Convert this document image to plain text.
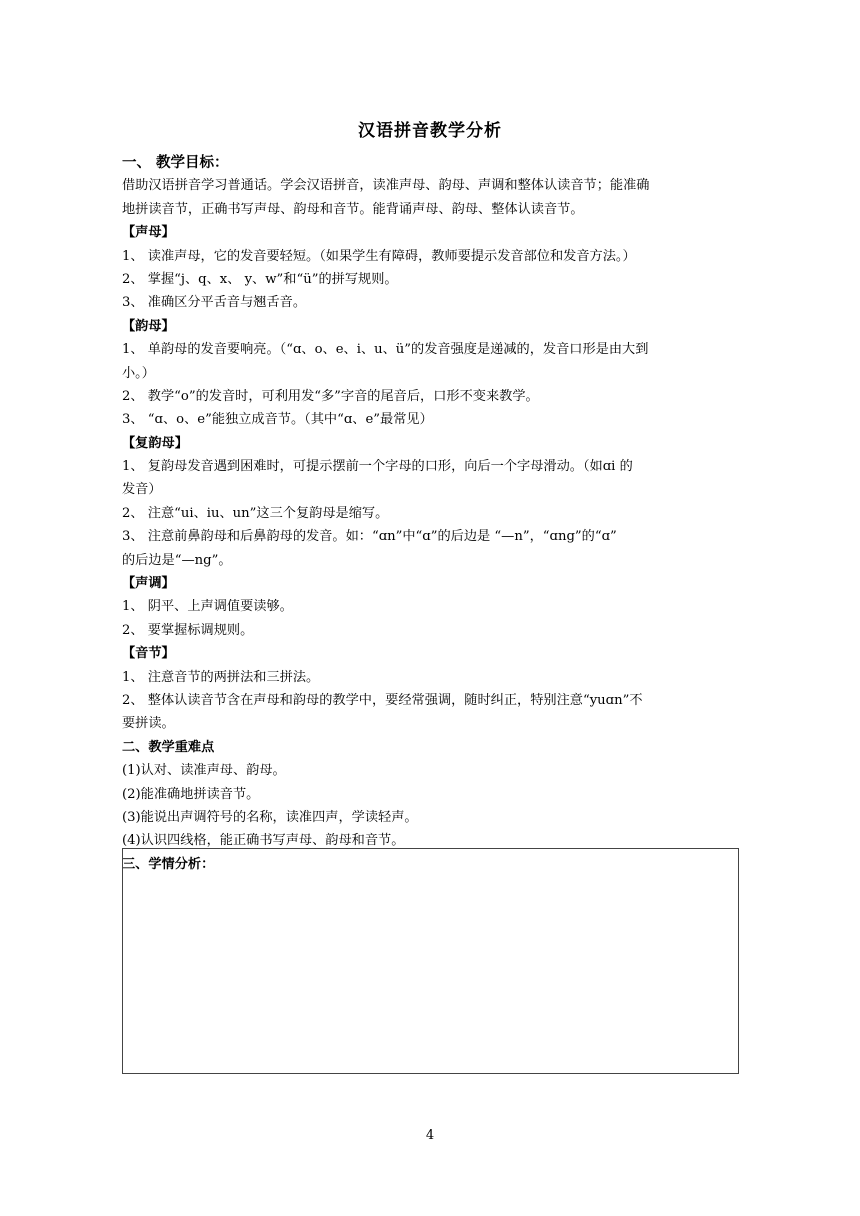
汉语拼音教学分析
一、 教学目标：
借助汉语拼音学习普通话。学会汉语拼音，读准声母、韵母、声调和整体认读音节；能准确
地拼读音节，正确书写声母、韵母和音节。能背诵声母、韵母、整体认读音节。
【声母】
1、 读准声母，它的发音要轻短。（如果学生有障碍，教师要提示发音部位和发音方法。）
2、 掌握“j、q、x、 y、w”和“ü”的拼写规则。
3、 准确区分平舌音与翘舌音。
【韵母】
1、 单韵母的发音要响亮。（“ɑ、o、e、i、u、ü”的发音强度是递减的，发音口形是由大到
小。）
2、 教学“o”的发音时，可利用发“多”字音的尾音后，口形不变来教学。
3、 “ɑ、o、e”能独立成音节。（其中“ɑ、e”最常见）
【复韵母】
1、 复韵母发音遇到困难时，可提示摆前一个字母的口形，向后一个字母滑动。（如ɑi 的
发音）
2、 注意“ui、iu、un”这三个复韵母是缩写。
3、 注意前鼻韵母和后鼻韵母的发音。如：“ɑn”中“ɑ”的后边是 “—n”，“ɑng”的“ɑ”
的后边是“—ng”。
【声调】
1、 阴平、上声调值要读够。
2、 要掌握标调规则。
【音节】
1、 注意音节的两拼法和三拼法。
2、 整体认读音节含在声母和韵母的教学中，要经常强调，随时纠正，特别注意“yuɑn”不
要拼读。
二、教学重难点
(1)认对、读准声母、韵母。
(2)能准确地拼读音节。
(3)能说出声调符号的名称，读准四声，学读轻声。
(4)认识四线格，能正确书写声母、韵母和音节。
三、学情分析：
4
